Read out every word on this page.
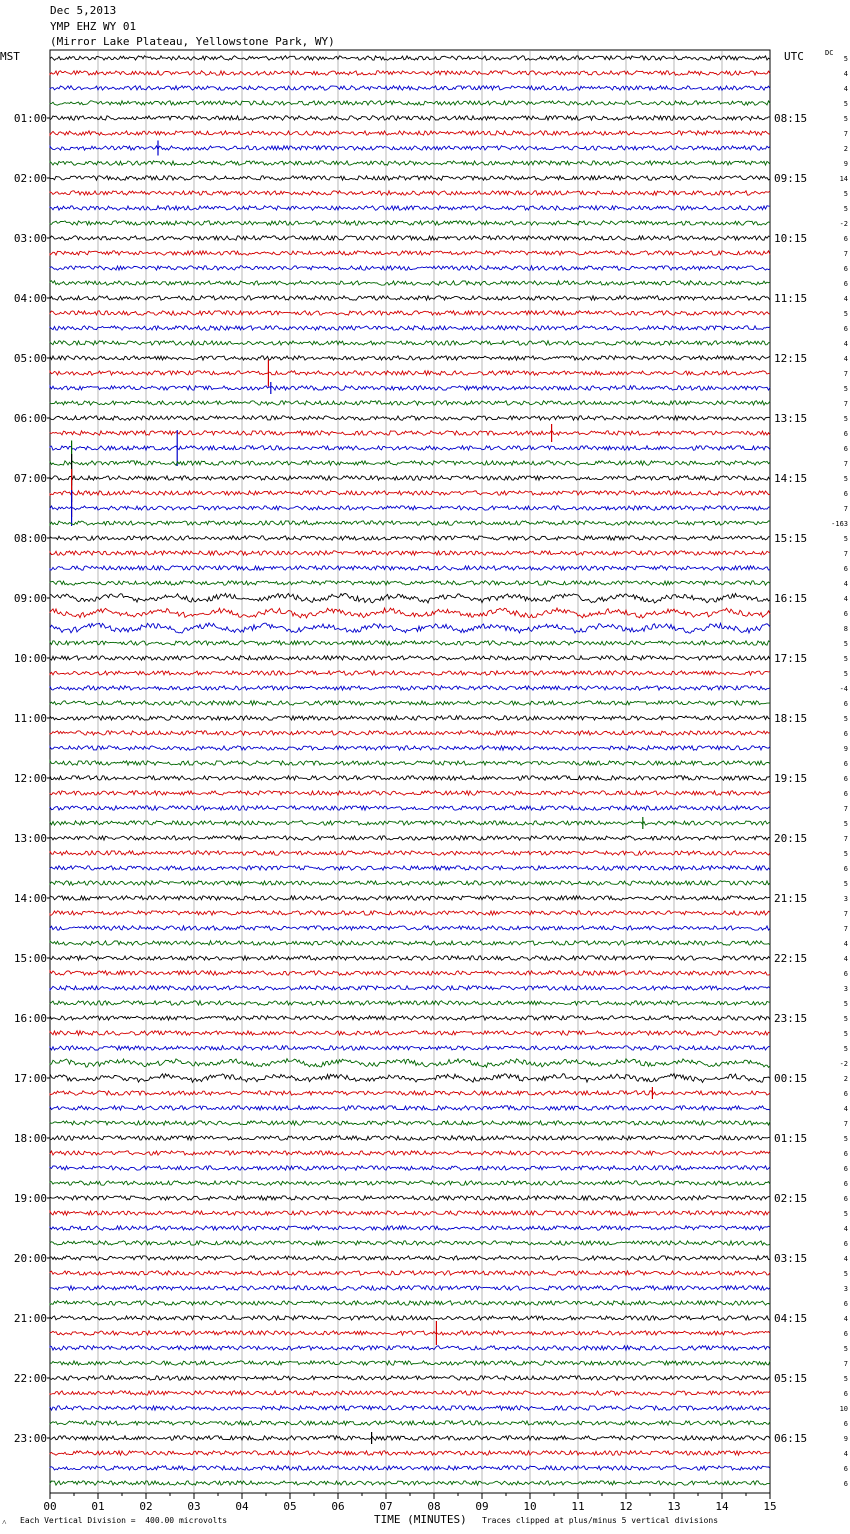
Dec 5,2013
YMP EHZ WY 01
(Mirror Lake Plateau, Yellowstone Park, WY)
MST	UTC	DC
5
4
4
5
5
7
2
9
14
5
5
-2
6
7
6
6
4
5
6
4
4
7
5
7
5
6
6
7
5
6
7
-163
5
7
6
4
4
6
8
5
5
5
-4
6
5
6
9
6
6
6
7
5
7
5
6
5
3
7
7
4
4
6
3
5
5
5
5
-2
2
6
4
7
5
6
6
6
6
5
4
6
4
5
3
6
4
6
5
7
5
6
10
6
9
4
6
6
01:00
02:00
03:00
04:00
05:00
06:00
07:00
08:00
09:00
10:00
11:00
12:00
13:00
14:00
15:00
16:00
17:00
18:00
19:00
20:00
21:00
22:00
23:00
08:15
09:15
10:15
11:15
12:15
13:15
14:15
15:15
16:15
17:15
18:15
19:15
20:15
21:15
22:15
23:15
00:15
01:15
02:15
03:15
04:15
05:15
06:15
00	01	02	03	04	05	06	07	08	09	10	11	12	13	14	15
˄ Each Vertical Division =  400.00 microvolts	TIME (MINUTES) Traces clipped at plus/minus 5 vertical divisions
